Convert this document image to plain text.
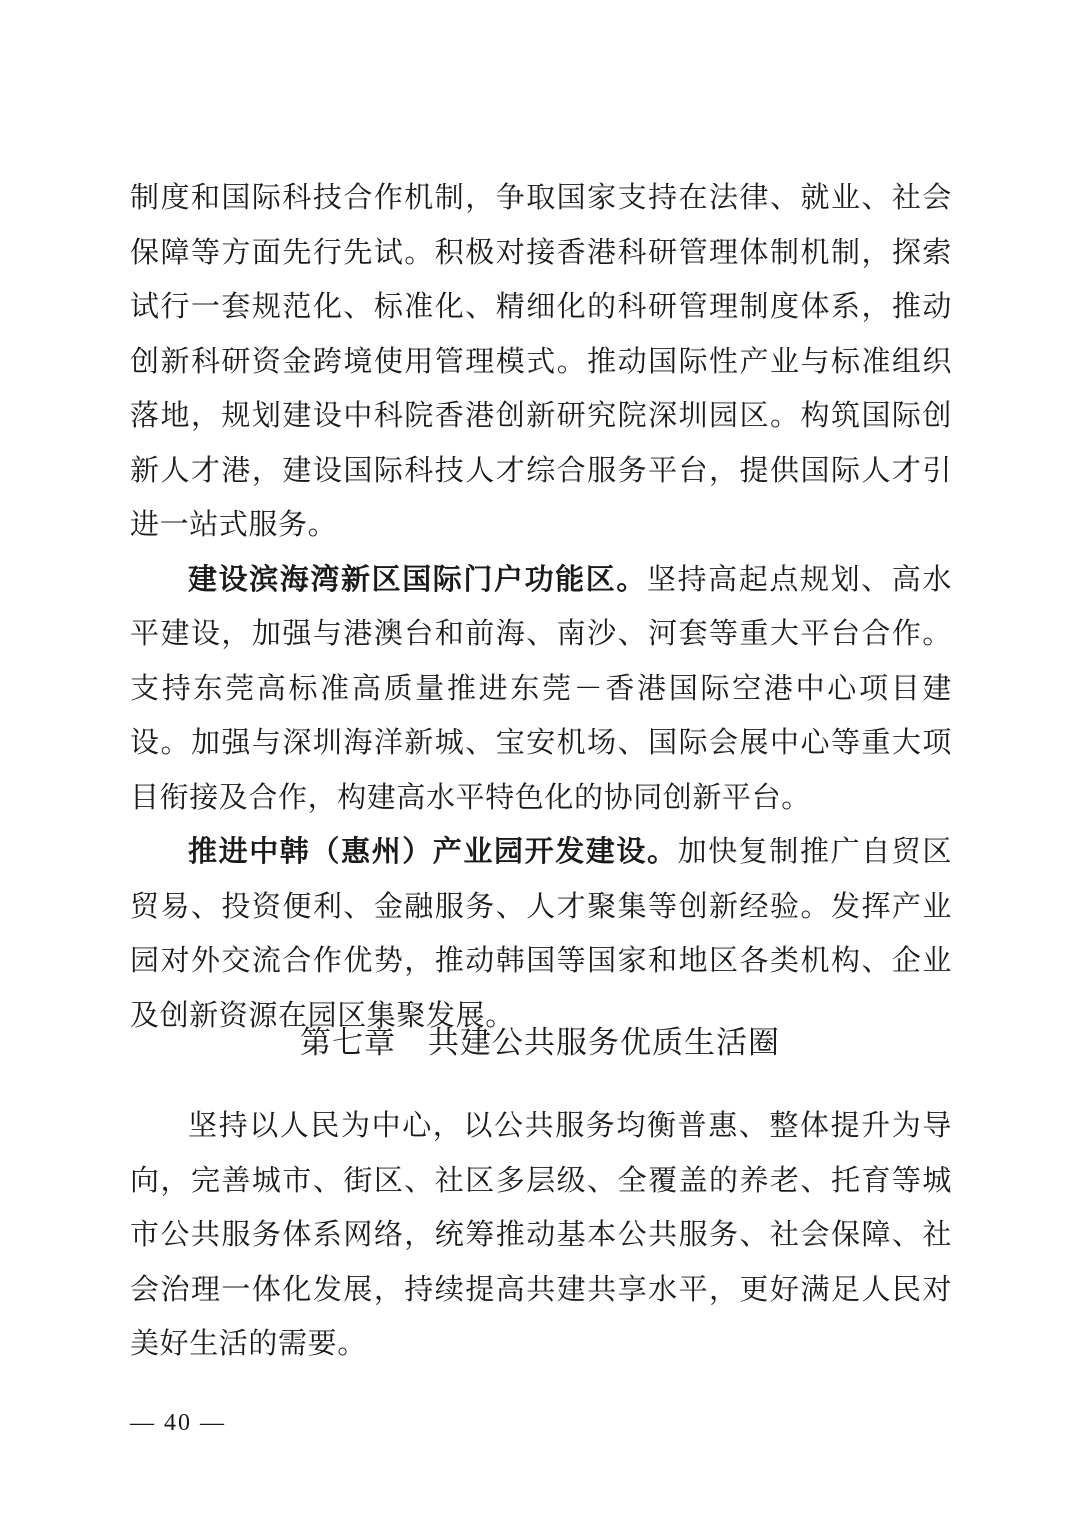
制度和国际科技合作机制，争取国家支持在法律、就业、社会保障等方面先行先试。积极对接香港科研管理体制机制，探索试行一套规范化、标准化、精细化的科研管理制度体系，推动创新科研资金跨境使用管理模式。推动国际性产业与标准组织落地，规划建设中科院香港创新研究院深圳园区。构筑国际创新人才港，建设国际科技人才综合服务平台，提供国际人才引进一站式服务。

建设滨海湾新区国际门户功能区。坚持高起点规划、高水平建设，加强与港澳台和前海、南沙、河套等重大平台合作。支持东莞高标准高质量推进东莞－香港国际空港中心项目建设。加强与深圳海洋新城、宝安机场、国际会展中心等重大项目衔接及合作，构建高水平特色化的协同创新平台。

推进中韩（惠州）产业园开发建设。加快复制推广自贸区贸易、投资便利、金融服务、人才聚集等创新经验。发挥产业园对外交流合作优势，推动韩国等国家和地区各类机构、企业及创新资源在园区集聚发展。

第七章 共建公共服务优质生活圈

坚持以人民为中心，以公共服务均衡普惠、整体提升为导向，完善城市、街区、社区多层级、全覆盖的养老、托育等城市公共服务体系网络，统筹推动基本公共服务、社会保障、社会治理一体化发展，持续提高共建共享水平，更好满足人民对美好生活的需要。

— 40 —
